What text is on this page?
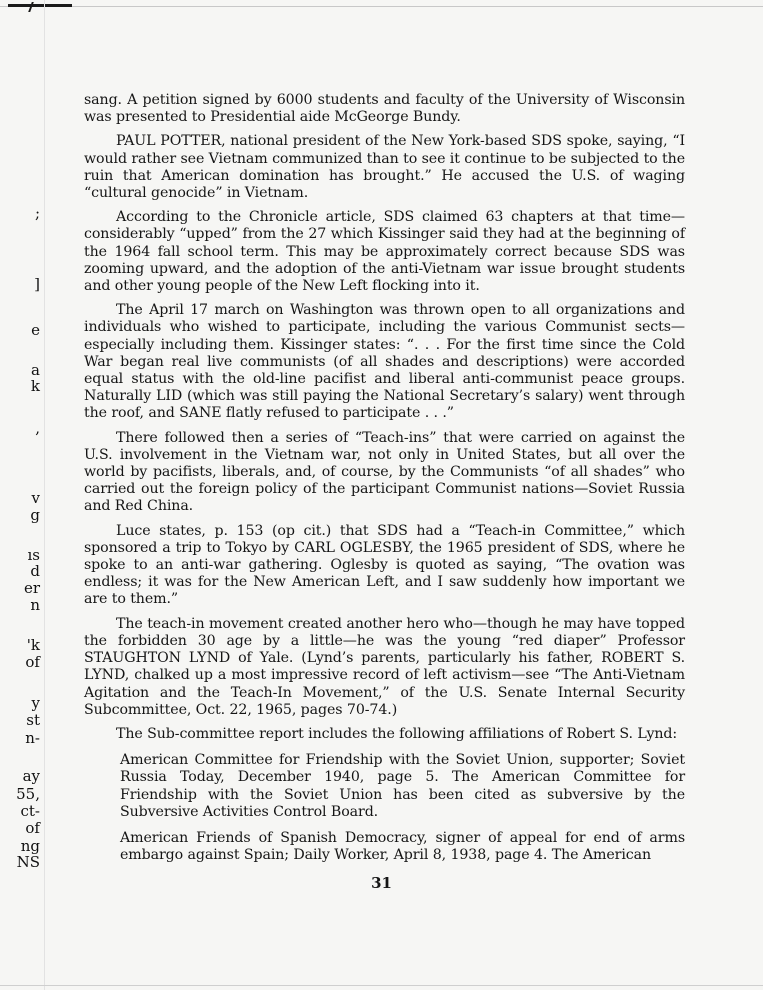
;
]
e
a
k
,
v
g
ıs
d
er
n
'k
of
y
st
n-
ay
55,
ct-
of
ng
NS

sang. A petition signed by 6000 students and faculty of the University of Wisconsin was presented to Presidential aide McGeorge Bundy.

PAUL POTTER, national president of the New York-based SDS spoke, saying, “I would rather see Vietnam communized than to see it continue to be subjected to the ruin that American domination has brought.” He accused the U.S. of waging “cultural genocide” in Vietnam.

According to the Chronicle article, SDS claimed 63 chapters at that time—considerably “upped” from the 27 which Kissinger said they had at the beginning of the 1964 fall school term. This may be approximately correct because SDS was zooming upward, and the adoption of the anti-Vietnam war issue brought students and other young people of the New Left flocking into it.

The April 17 march on Washington was thrown open to all organizations and individuals who wished to participate, including the various Communist sects—especially including them. Kissinger states: “. . . For the first time since the Cold War began real live communists (of all shades and descriptions) were accorded equal status with the old-line pacifist and liberal anti-communist peace groups. Naturally LID (which was still paying the National Secretary’s salary) went through the roof, and SANE flatly refused to participate . . .”

There followed then a series of “Teach-ins” that were carried on against the U.S. involvement in the Vietnam war, not only in United States, but all over the world by pacifists, liberals, and, of course, by the Communists “of all shades” who carried out the foreign policy of the participant Communist nations—Soviet Russia and Red China.

Luce states, p. 153 (op cit.) that SDS had a “Teach-in Committee,” which sponsored a trip to Tokyo by CARL OGLESBY, the 1965 president of SDS, where he spoke to an anti-war gathering. Oglesby is quoted as saying, “The ovation was endless; it was for the New American Left, and I saw suddenly how important we are to them.”

The teach-in movement created another hero who—though he may have topped the forbidden 30 age by a little—he was the young “red diaper” Professor STAUGHTON LYND of Yale. (Lynd’s parents, particularly his father, ROBERT S. LYND, chalked up a most impressive record of left activism—see “The Anti-Vietnam Agitation and the Teach-In Movement,” of the U.S. Senate Internal Security Subcommittee, Oct. 22, 1965, pages 70-74.)

The Sub-committee report includes the following affiliations of Robert S. Lynd:

American Committee for Friendship with the Soviet Union, supporter; Soviet Russia Today, December 1940, page 5. The American Committee for Friendship with the Soviet Union has been cited as subversive by the Subversive Activities Control Board.

American Friends of Spanish Democracy, signer of appeal for end of arms embargo against Spain; Daily Worker, April 8, 1938, page 4. The American

31
